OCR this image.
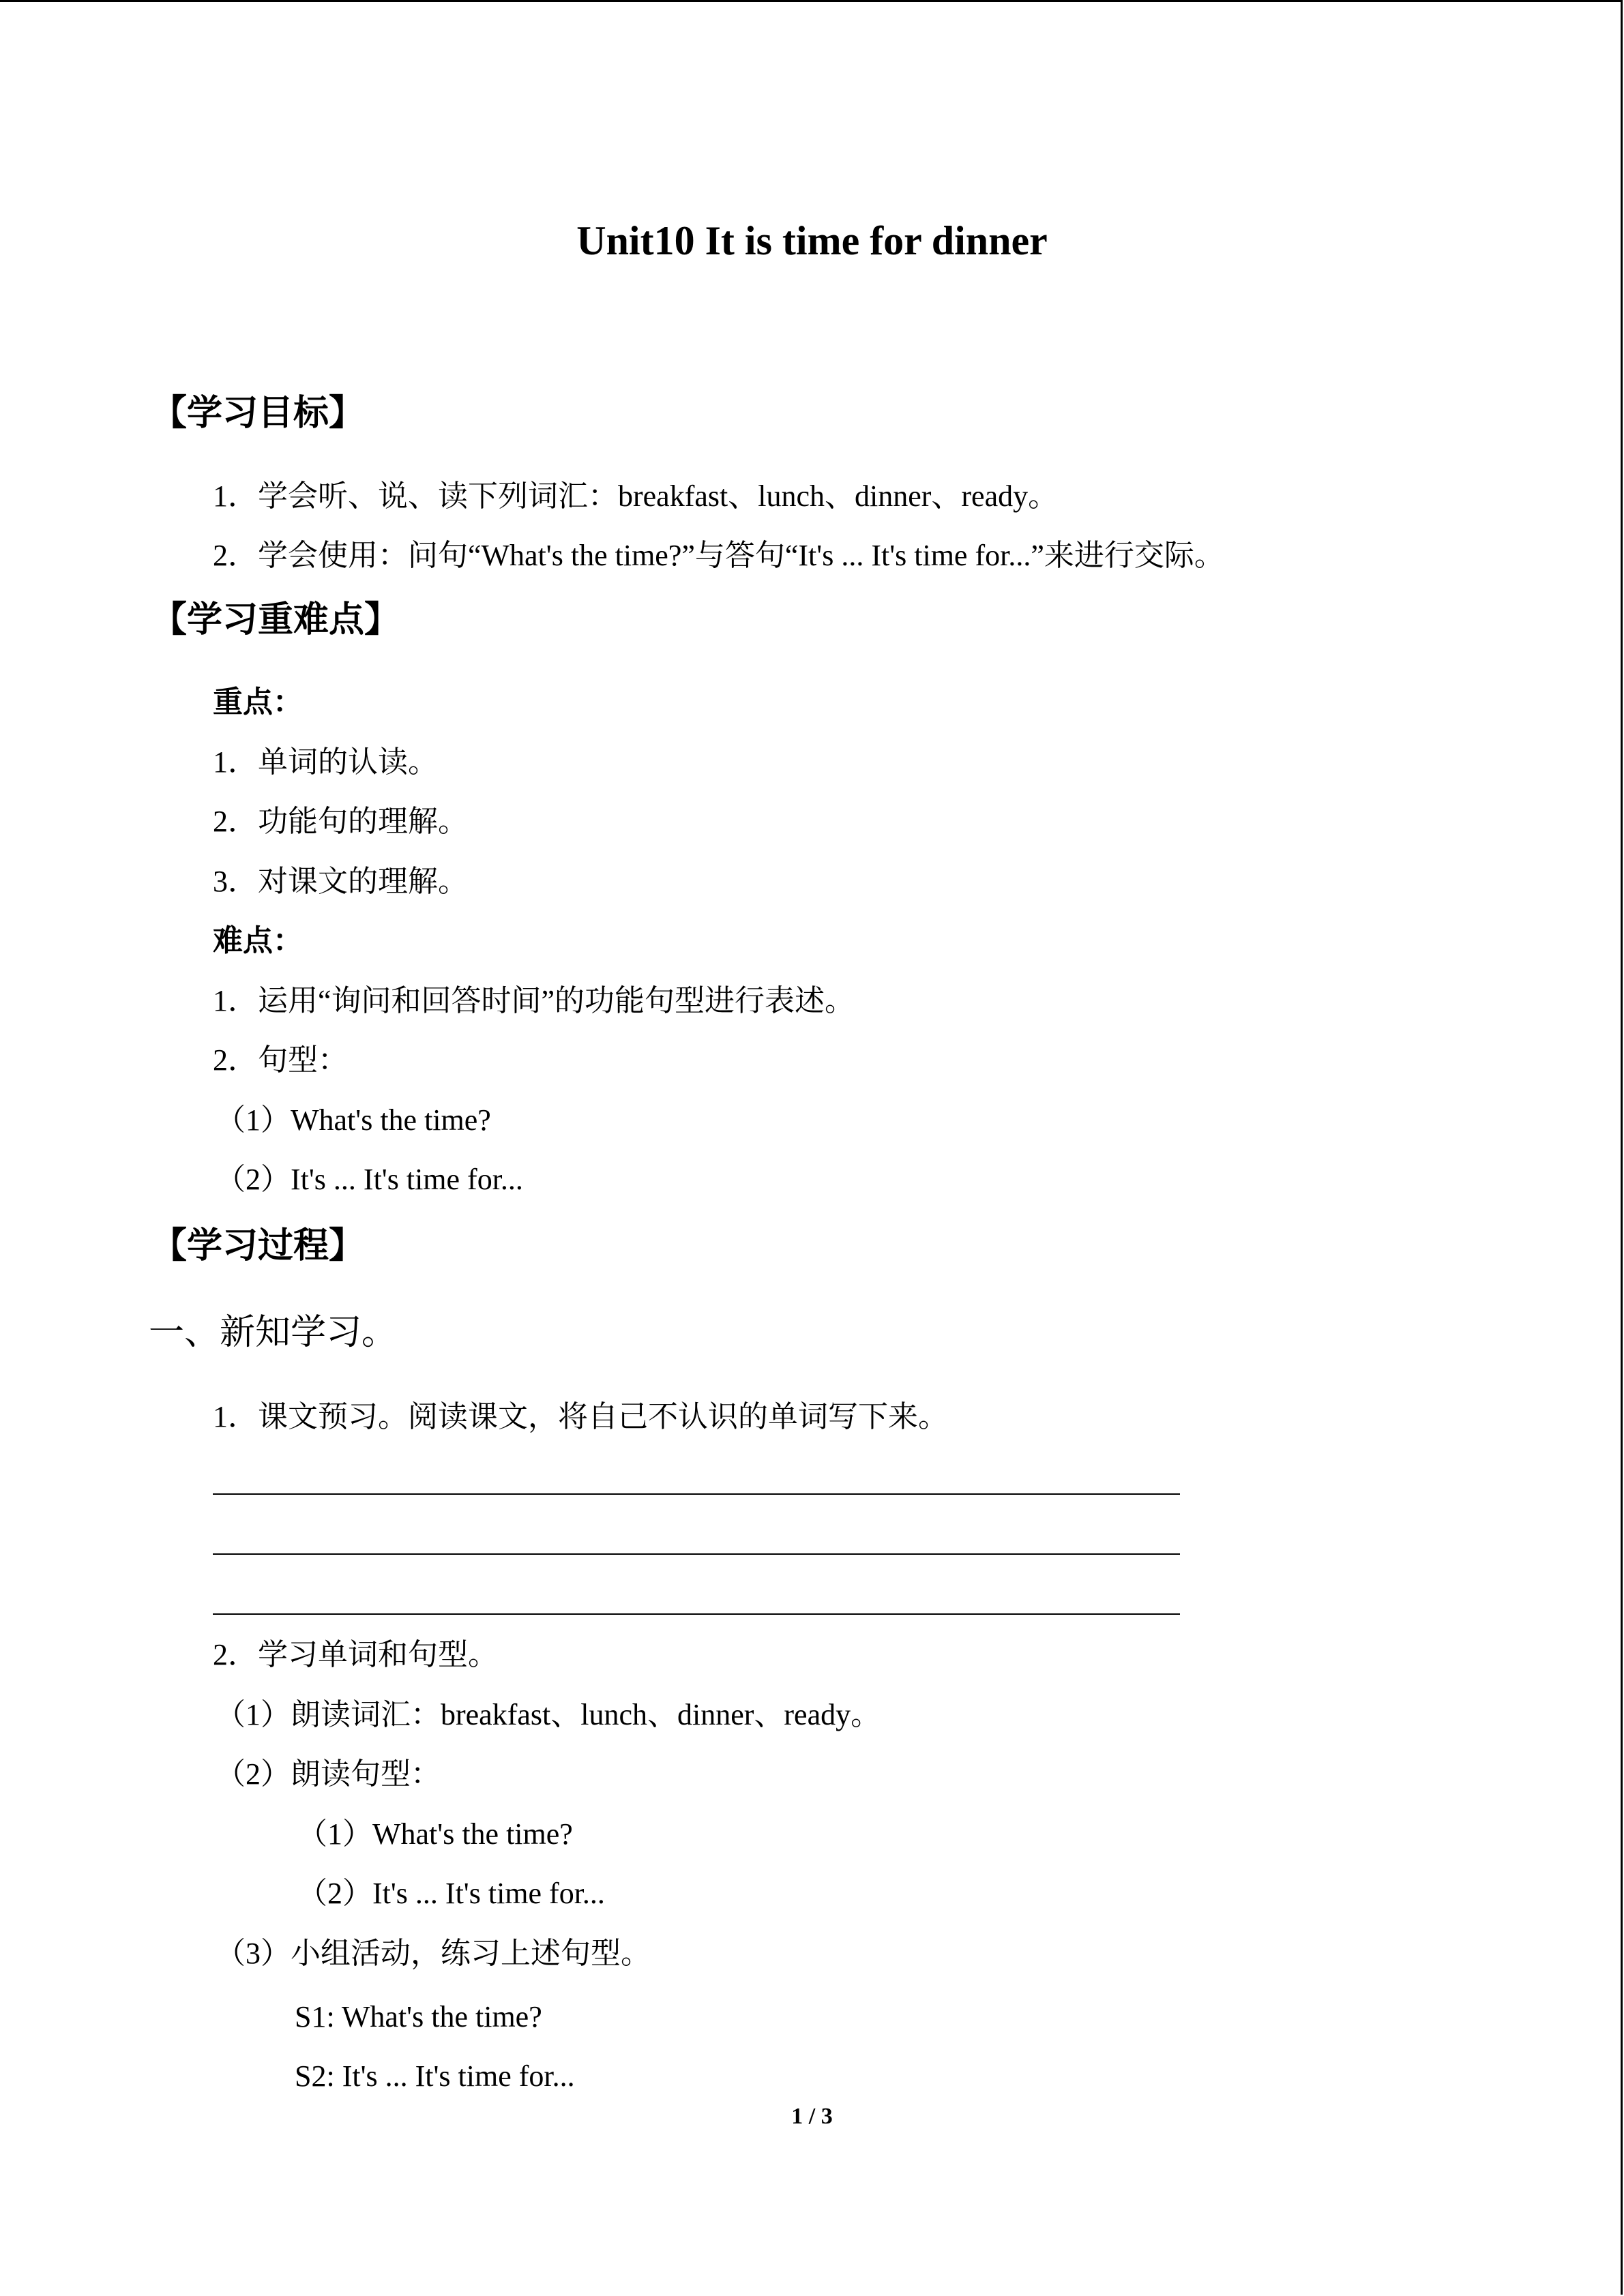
Unit10 It is time for dinner
【学习目标】
1．学会听、说、读下列词汇：breakfast、lunch、dinner、ready。
2．学会使用：问句“What's the time?”与答句“It's ... It's time for...”来进行交际。
【学习重难点】
重点：
1．单词的认读。
2．功能句的理解。
3．对课文的理解。
难点：
1．运用“询问和回答时间”的功能句型进行表述。
2．句型：
（1）What's the time?
（2）It's ... It's time for...
【学习过程】
一、新知学习。
1．课文预习。阅读课文，将自己不认识的单词写下来。
2．学习单词和句型。
（1）朗读词汇：breakfast、lunch、dinner、ready。
（2）朗读句型：
（1）What's the time?
（2）It's ... It's time for...
（3）小组活动，练习上述句型。
S1: What's the time?
S2: It's ... It's time for...
1 / 3
